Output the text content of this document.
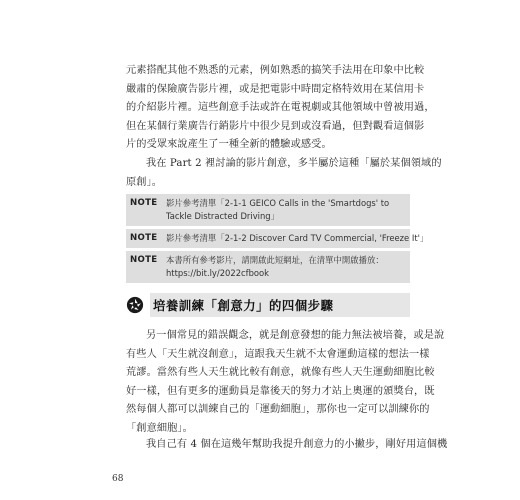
元素搭配其他不熟悉的元素，例如熟悉的搞笑手法用在印象中比較
嚴肅的保險廣告影片裡，或是把電影中時間定格特效用在某信用卡
的介紹影片裡。這些創意手法或許在電視劇或其他領域中曾被用過，
但在某個行業廣告行銷影片中很少見到或沒看過，但對觀看這個影
片的受眾來說產生了一種全新的體驗或感受。
我在 Part 2 裡討論的影片創意，多半屬於這種「屬於某個領域的
原創」。
NOTE	影片參考清單「2-1-1 GEICO Calls in the 'Smartdogs' to
Tackle Distracted Driving」
NOTE	影片參考清單「2-1-2 Discover Card TV Commercial, 'Freeze It'」
NOTE	本書所有參考影片，請開啟此短網址，在清單中開啟播放：
https://bit.ly/2022cfbook
培養訓練「創意力」的四個步驟
另一個常見的錯誤觀念，就是創意發想的能力無法被培養，或是說
有些人「天生就沒創意」，這跟我天生就不太會運動這樣的想法一樣
荒謬。當然有些人天生就比較有創意，就像有些人天生運動細胞比較
好一樣，但有更多的運動員是靠後天的努力才站上奧運的頒獎台，既
然每個人都可以訓練自己的「運動細胞」，那你也一定可以訓練你的
「創意細胞」。
我自己有 4 個在這幾年幫助我提升創意力的小撇步，剛好用這個機
68
